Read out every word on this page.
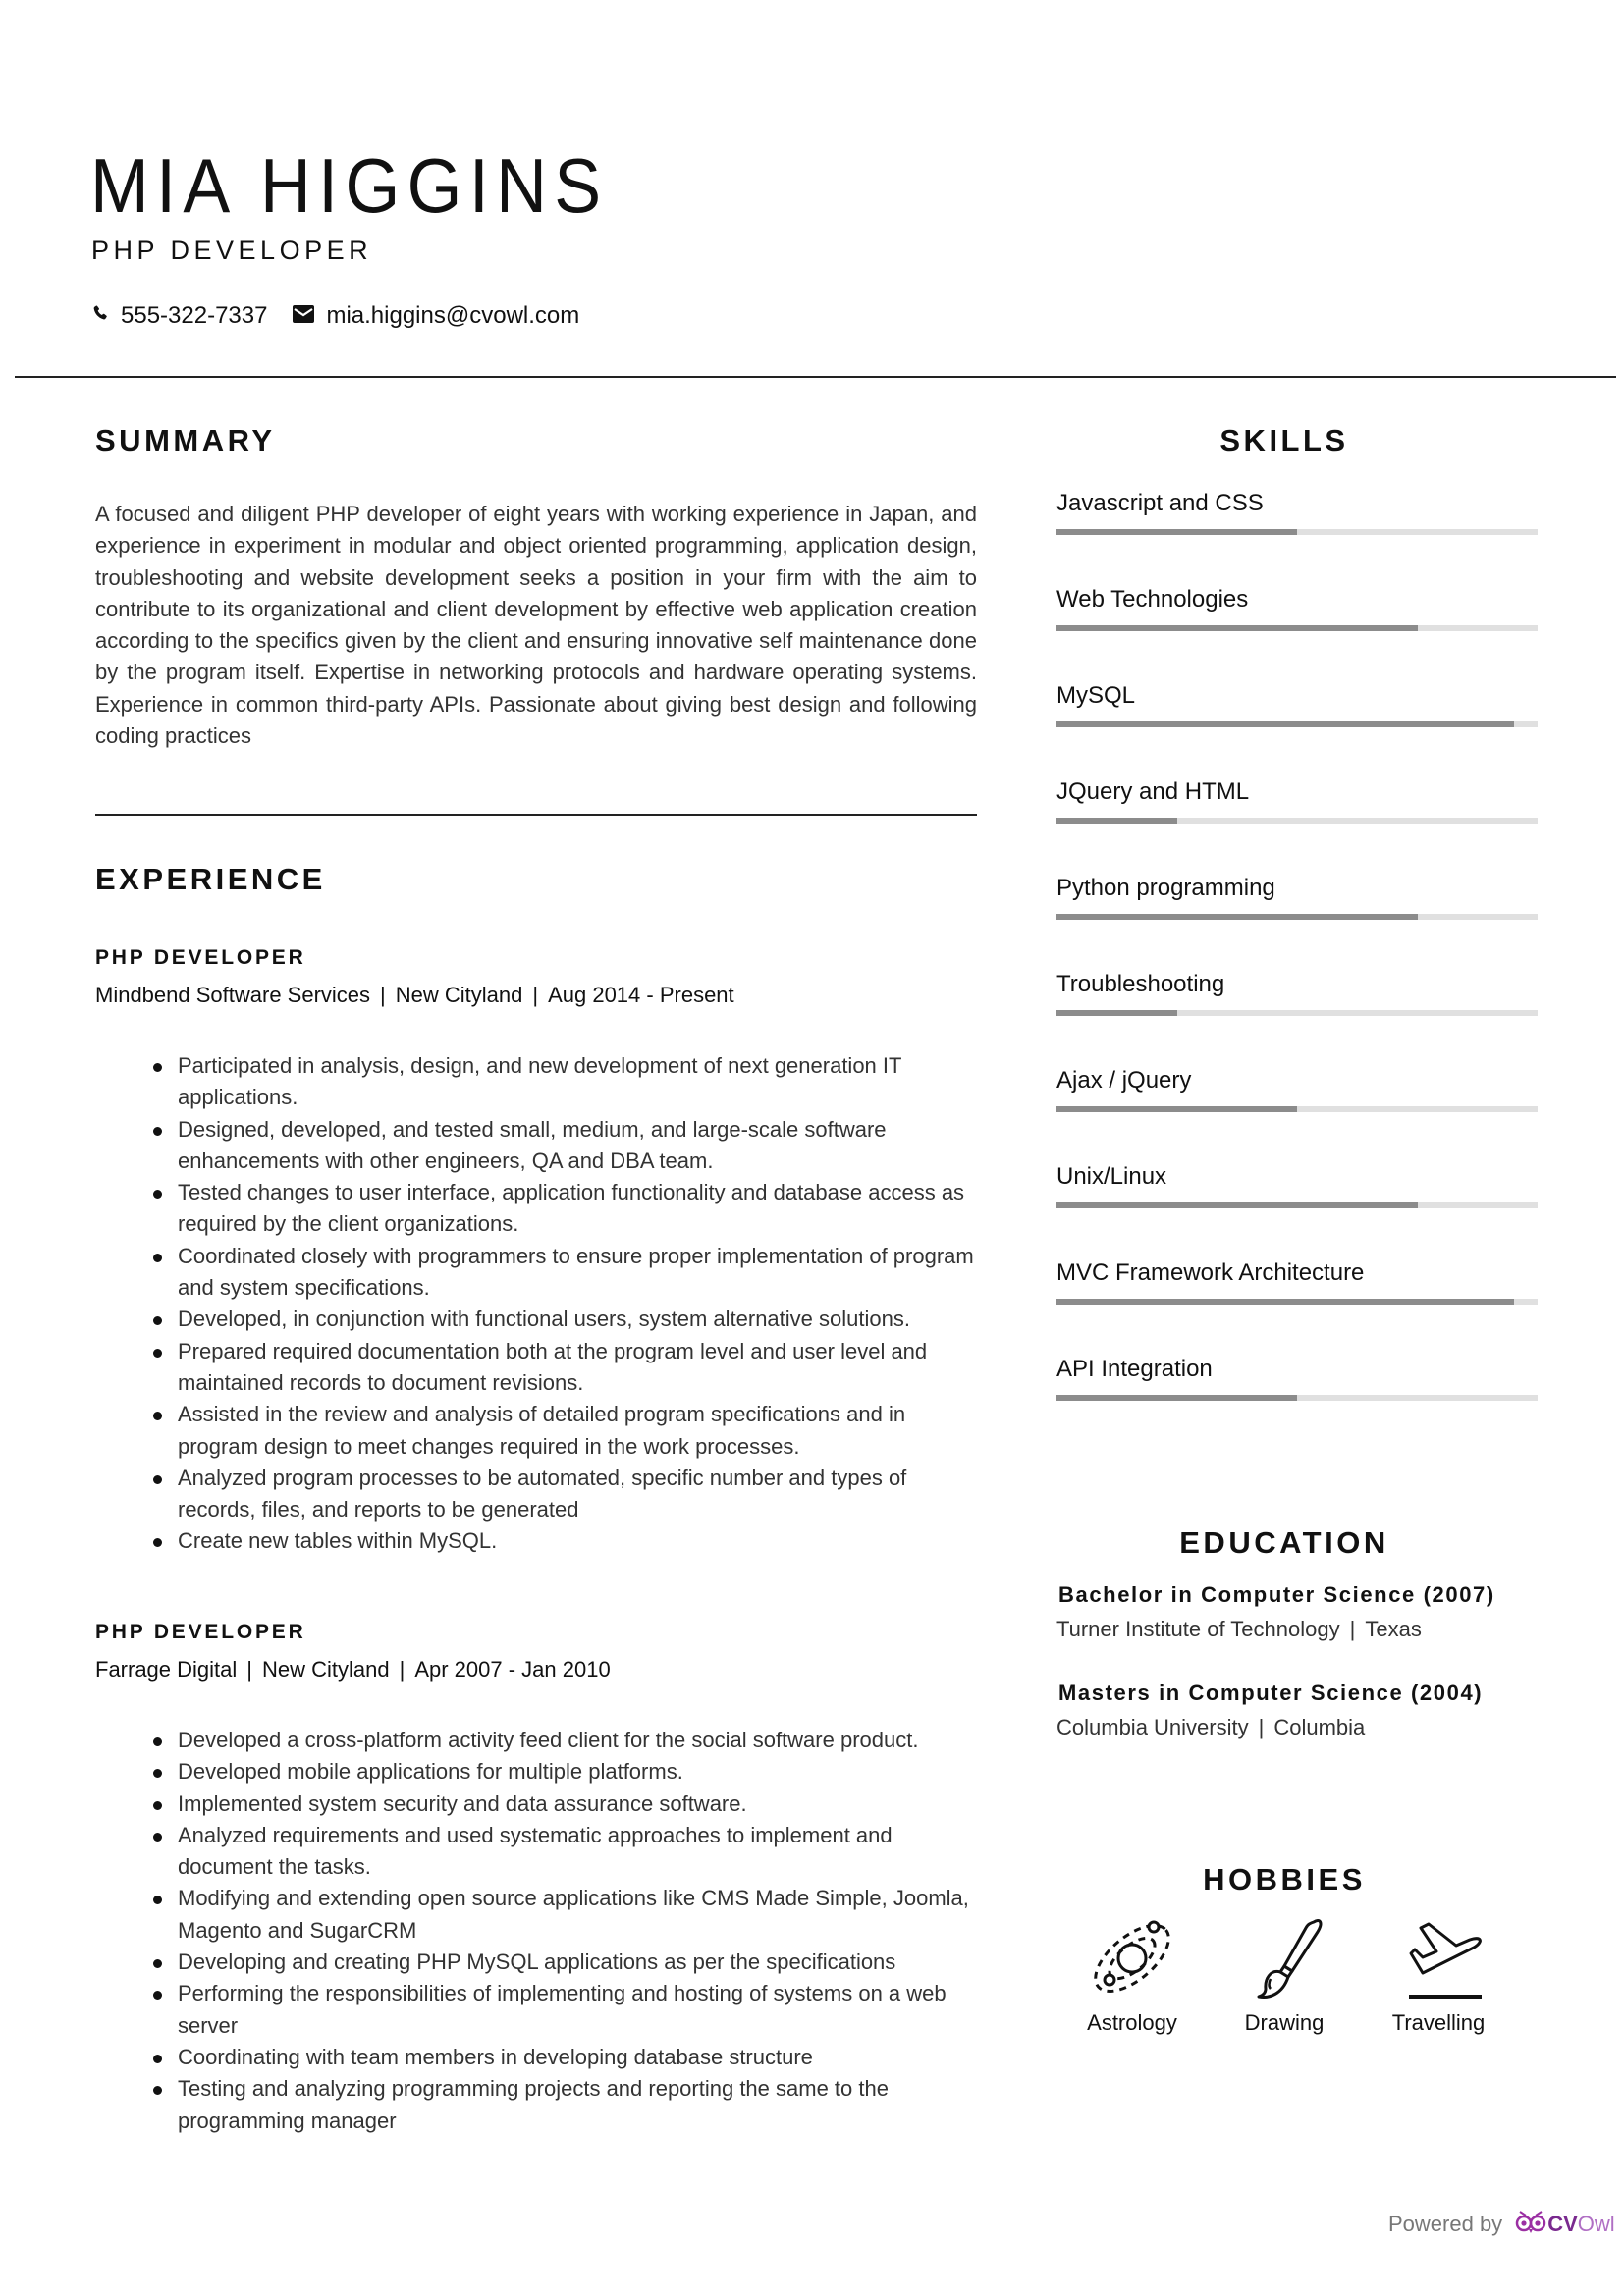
MIA HIGGINS
PHP DEVELOPER
555-322-7337	mia.higgins@cvowl.com
SUMMARY
A focused and diligent PHP developer of eight years with working experience in Japan, and experience in experiment in modular and object oriented programming, application design, troubleshooting and website development seeks a position in your firm with the aim to contribute to its organizational and client development by effective web application creation according to the specifics given by the client and ensuring innovative self maintenance done by the program itself. Expertise in networking protocols and hardware operating systems. Experience in common third-party APIs. Passionate about giving best design and following coding practices
EXPERIENCE
PHP DEVELOPER
Mindbend Software Services | New Cityland | Aug 2014 - Present
Participated in analysis, design, and new development of next generation IT applications.
Designed, developed, and tested small, medium, and large-scale software enhancements with other engineers, QA and DBA team.
Tested changes to user interface, application functionality and database access as required by the client organizations.
Coordinated closely with programmers to ensure proper implementation of program and system specifications.
Developed, in conjunction with functional users, system alternative solutions.
Prepared required documentation both at the program level and user level and maintained records to document revisions.
Assisted in the review and analysis of detailed program specifications and in program design to meet changes required in the work processes.
Analyzed program processes to be automated, specific number and types of records, files, and reports to be generated
Create new tables within MySQL.
PHP DEVELOPER
Farrage Digital | New Cityland | Apr 2007 - Jan 2010
Developed a cross-platform activity feed client for the social software product.
Developed mobile applications for multiple platforms.
Implemented system security and data assurance software.
Analyzed requirements and used systematic approaches to implement and document the tasks.
Modifying and extending open source applications like CMS Made Simple, Joomla, Magento and SugarCRM
Developing and creating PHP MySQL applications as per the specifications
Performing the responsibilities of implementing and hosting of systems on a web server
Coordinating with team members in developing database structure
Testing and analyzing programming projects and reporting the same to the programming manager
SKILLS
Javascript and CSS
Web Technologies
MySQL
JQuery and HTML
Python programming
Troubleshooting
Ajax / jQuery
Unix/Linux
MVC Framework Architecture
API Integration
EDUCATION
Bachelor in Computer Science (2007)
Turner Institute of Technology | Texas
Masters in Computer Science (2004)
Columbia University | Columbia
HOBBIES
Astrology	Drawing	Travelling
Powered by CV Owl
